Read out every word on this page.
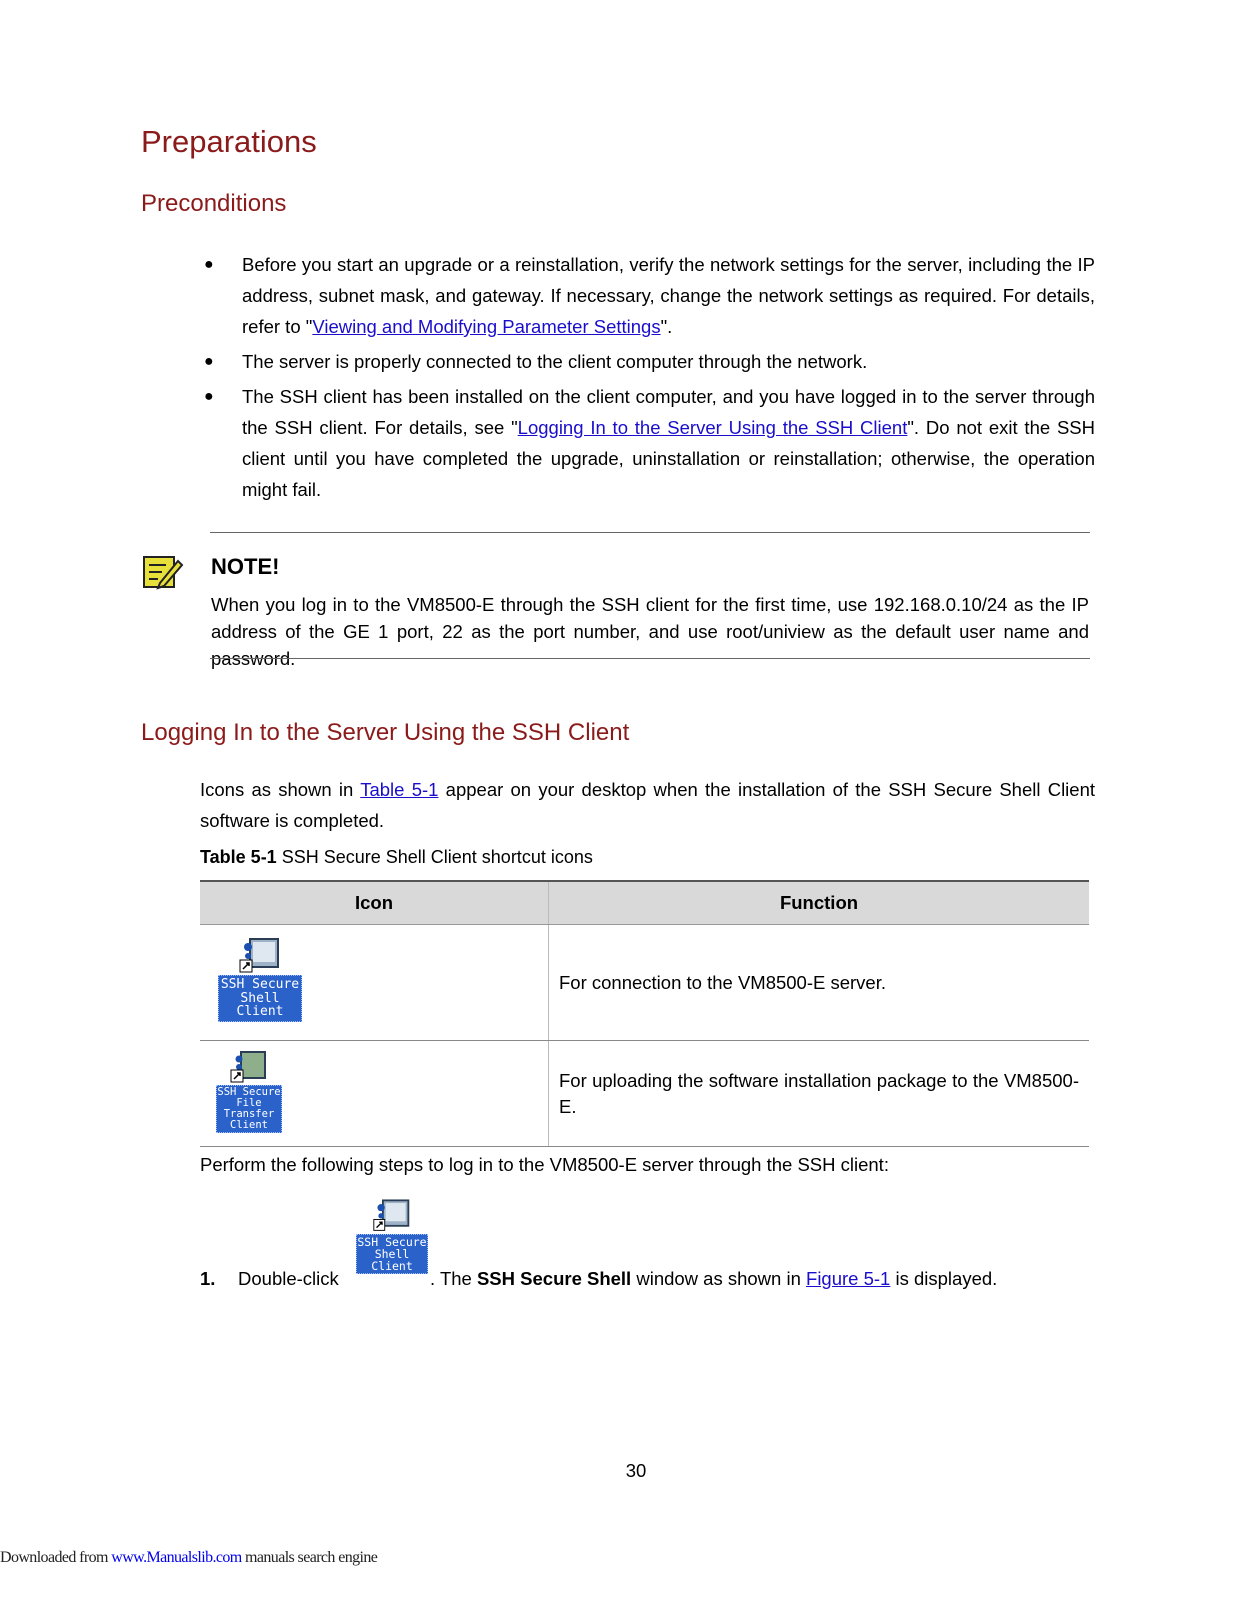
Preparations
Preconditions
● Before you start an upgrade or a reinstallation, verify the network settings for the server, including the IP address, subnet mask, and gateway. If necessary, change the network settings as required. For details, refer to "Viewing and Modifying Parameter Settings".
● The server is properly connected to the client computer through the network.
● The SSH client has been installed on the client computer, and you have logged in to the server through the SSH client. For details, see "Logging In to the Server Using the SSH Client". Do not exit the SSH client until you have completed the upgrade, uninstallation or reinstallation; otherwise, the operation might fail.
NOTE!
When you log in to the VM8500-E through the SSH client for the first time, use 192.168.0.10/24 as the IP address of the GE 1 port, 22 as the port number, and use root/uniview as the default user name and password.
Logging In to the Server Using the SSH Client
Icons as shown in Table 5-1 appear on your desktop when the installation of the SSH Secure Shell Client software is completed.
Table 5-1 SSH Secure Shell Client shortcut icons
Icon	Function

SSH Secure
Shell
Client	For connection to the VM8500-E server.

SSH Secure
File
Transfer
Client	For uploading the software installation package to the VM8500-E.
Perform the following steps to log in to the VM8500-E server through the SSH client:
1. Double-click
SSH Secure
Shell
Client
. The SSH Secure Shell window as shown in Figure 5-1 is displayed.
30
Downloaded from www.Manualslib.com manuals search engine
